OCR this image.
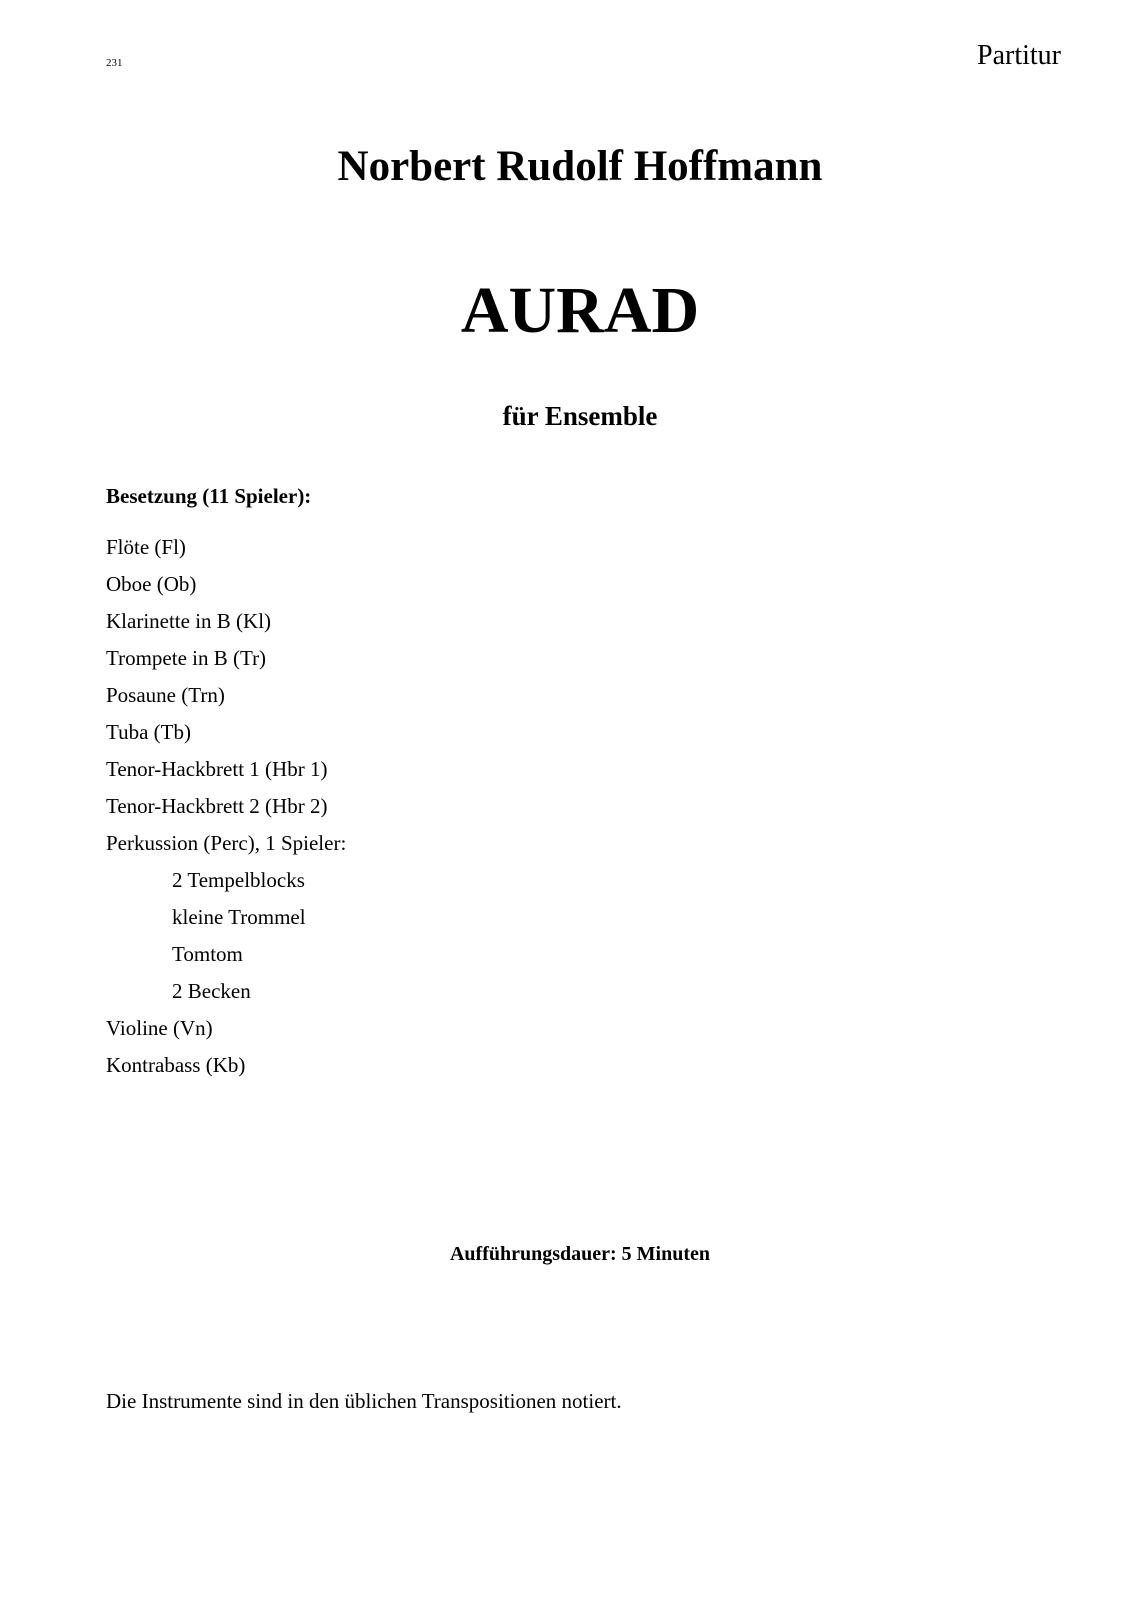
231	Partitur
Norbert Rudolf Hoffmann
AURAD
für Ensemble
Besetzung (11 Spieler):
Flöte (Fl)
Oboe (Ob)
Klarinette in B (Kl)
Trompete in B (Tr)
Posaune (Trn)
Tuba (Tb)
Tenor-Hackbrett 1 (Hbr 1)
Tenor-Hackbrett 2 (Hbr 2)
Perkussion (Perc), 1 Spieler:
2 Tempelblocks
kleine Trommel
Tomtom
2 Becken
Violine (Vn)
Kontrabass (Kb)
Aufführungsdauer: 5 Minuten
Die Instrumente sind in den üblichen Transpositionen notiert.
